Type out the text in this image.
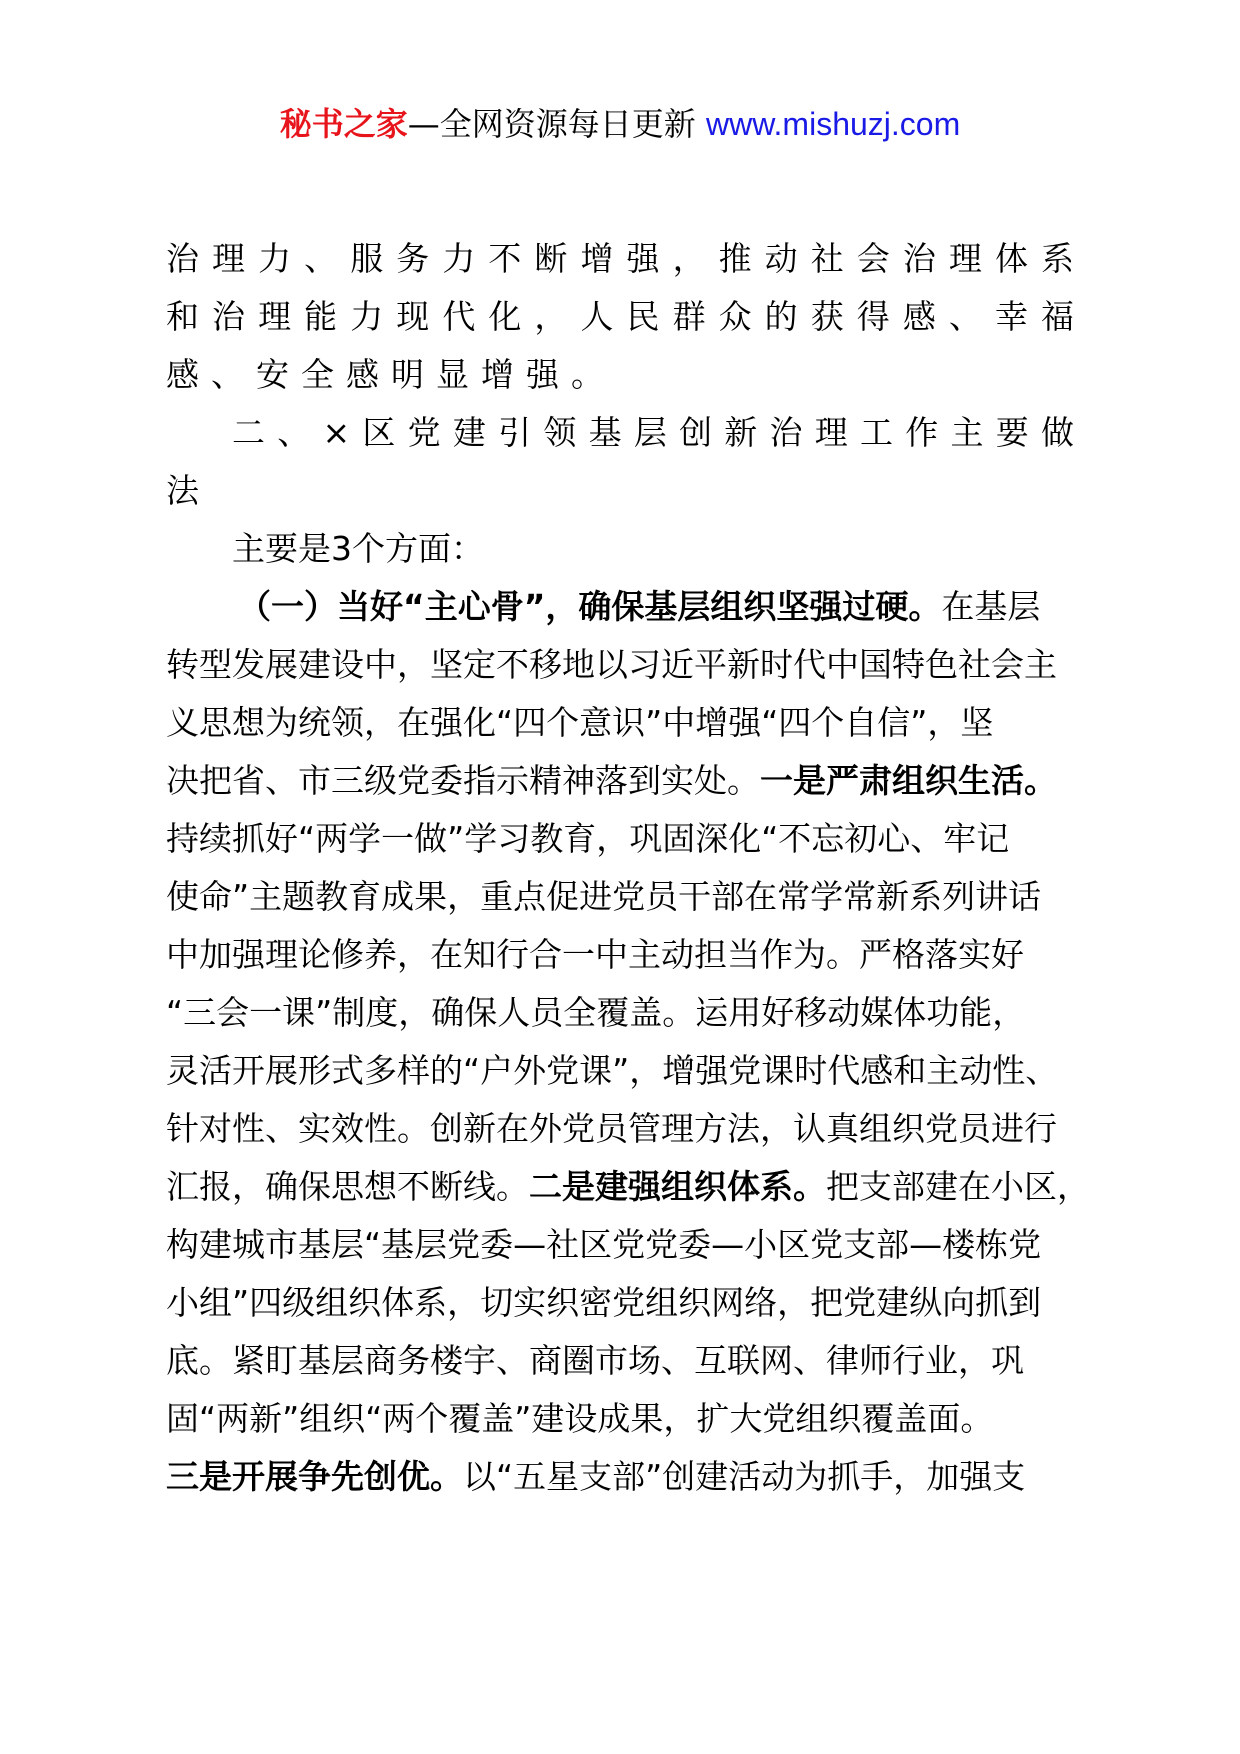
秘书之家—全网资源每日更新 www.mishuzj.com
治理力、服务力不断增强，推动社会治理体系
和治理能力现代化，人民群众的获得感、幸福
感、安全感明显增强。
二、×区党建引领基层创新治理工作主要做
法
主要是3个方面：
（一）当好“主心骨”，确保基层组织坚强过硬。在基层
转型发展建设中，坚定不移地以习近平新时代中国特色社会主
义思想为统领，在强化“四个意识”中增强“四个自信”，坚
决把省、市三级党委指示精神落到实处。一是严肃组织生活。
持续抓好“两学一做”学习教育，巩固深化“不忘初心、牢记
使命”主题教育成果，重点促进党员干部在常学常新系列讲话
中加强理论修养，在知行合一中主动担当作为。严格落实好
“三会一课”制度，确保人员全覆盖。运用好移动媒体功能，
灵活开展形式多样的“户外党课”，增强党课时代感和主动性、
针对性、实效性。创新在外党员管理方法，认真组织党员进行
汇报，确保思想不断线。二是建强组织体系。把支部建在小区，
构建城市基层“基层党委—社区党党委—小区党支部—楼栋党
小组”四级组织体系，切实织密党组织网络，把党建纵向抓到
底。紧盯基层商务楼宇、商圈市场、互联网、律师行业，巩
固“两新”组织“两个覆盖”建设成果，扩大党组织覆盖面。
三是开展争先创优。以“五星支部”创建活动为抓手，加强支
